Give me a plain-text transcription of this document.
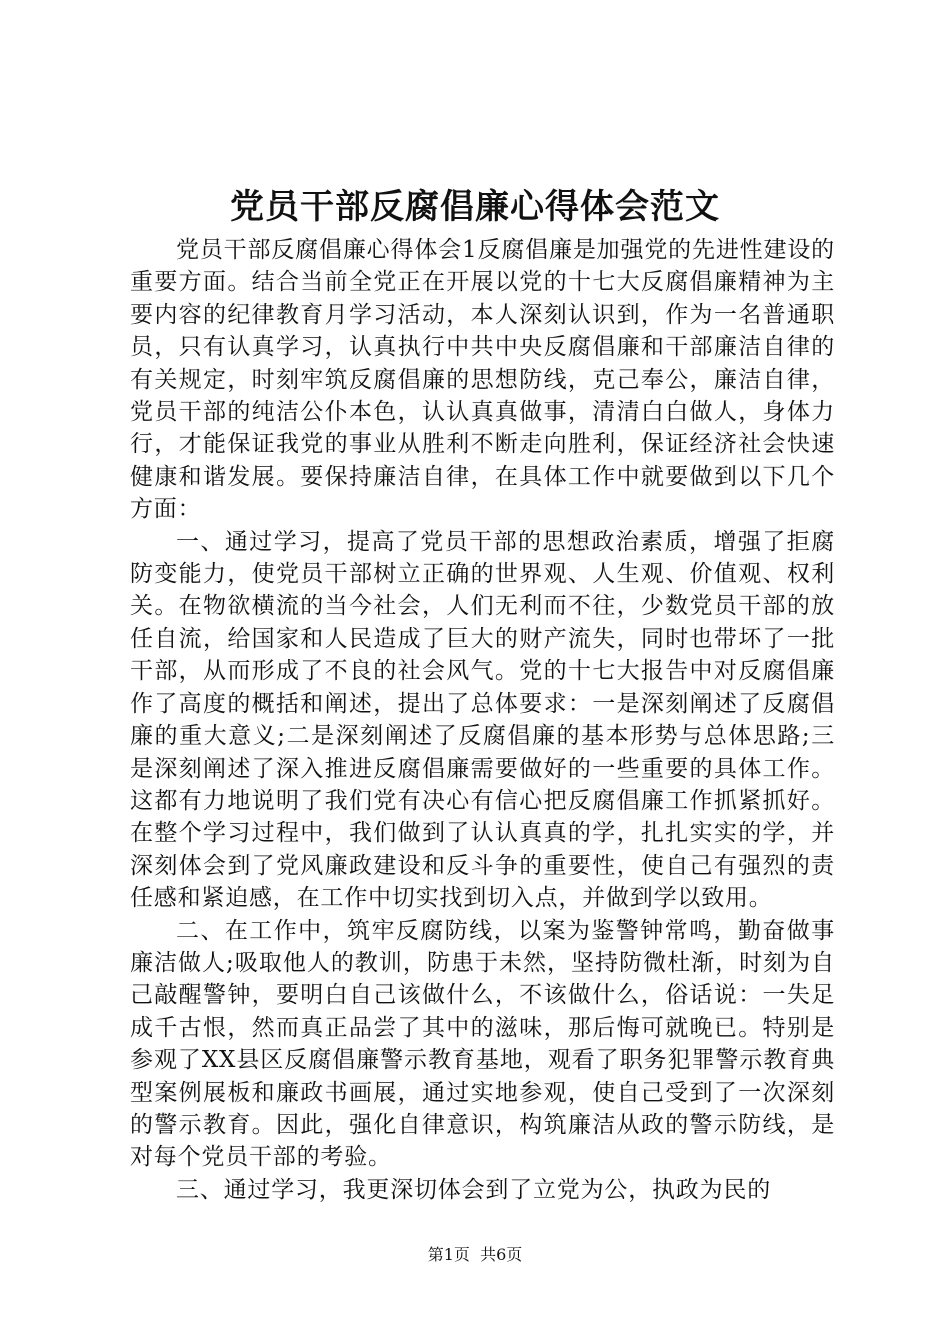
党员干部反腐倡廉心得体会范文

党员干部反腐倡廉心得体会1反腐倡廉是加强党的先进性建设的重要方面。结合当前全党正在开展以党的十七大反腐倡廉精神为主要内容的纪律教育月学习活动，本人深刻认识到，作为一名普通职员，只有认真学习，认真执行中共中央反腐倡廉和干部廉洁自律的有关规定，时刻牢筑反腐倡廉的思想防线，克己奉公，廉洁自律，党员干部的纯洁公仆本色，认认真真做事，清清白白做人，身体力行，才能保证我党的事业从胜利不断走向胜利，保证经济社会快速健康和谐发展。要保持廉洁自律，在具体工作中就要做到以下几个方面：

一、通过学习，提高了党员干部的思想政治素质，增强了拒腐防变能力，使党员干部树立正确的世界观、人生观、价值观、权利关。在物欲横流的当今社会，人们无利而不往，少数党员干部的放任自流，给国家和人民造成了巨大的财产流失，同时也带坏了一批干部，从而形成了不良的社会风气。党的十七大报告中对反腐倡廉作了高度的概括和阐述，提出了总体要求：一是深刻阐述了反腐倡廉的重大意义;二是深刻阐述了反腐倡廉的基本形势与总体思路;三是深刻阐述了深入推进反腐倡廉需要做好的一些重要的具体工作。这都有力地说明了我们党有决心有信心把反腐倡廉工作抓紧抓好。在整个学习过程中，我们做到了认认真真的学，扎扎实实的学，并深刻体会到了党风廉政建设和反斗争的重要性，使自己有强烈的责任感和紧迫感，在工作中切实找到切入点，并做到学以致用。

二、在工作中，筑牢反腐防线，以案为鉴警钟常鸣，勤奋做事廉洁做人;吸取他人的教训，防患于未然，坚持防微杜渐，时刻为自己敲醒警钟，要明白自己该做什么，不该做什么，俗话说：一失足成千古恨，然而真正品尝了其中的滋味，那后悔可就晚已。特别是参观了XX县区反腐倡廉警示教育基地，观看了职务犯罪警示教育典型案例展板和廉政书画展，通过实地参观，使自己受到了一次深刻的警示教育。因此，强化自律意识，构筑廉洁从政的警示防线，是对每个党员干部的考验。

三、通过学习，我更深切体会到了立党为公，执政为民的

第1页 共6页
